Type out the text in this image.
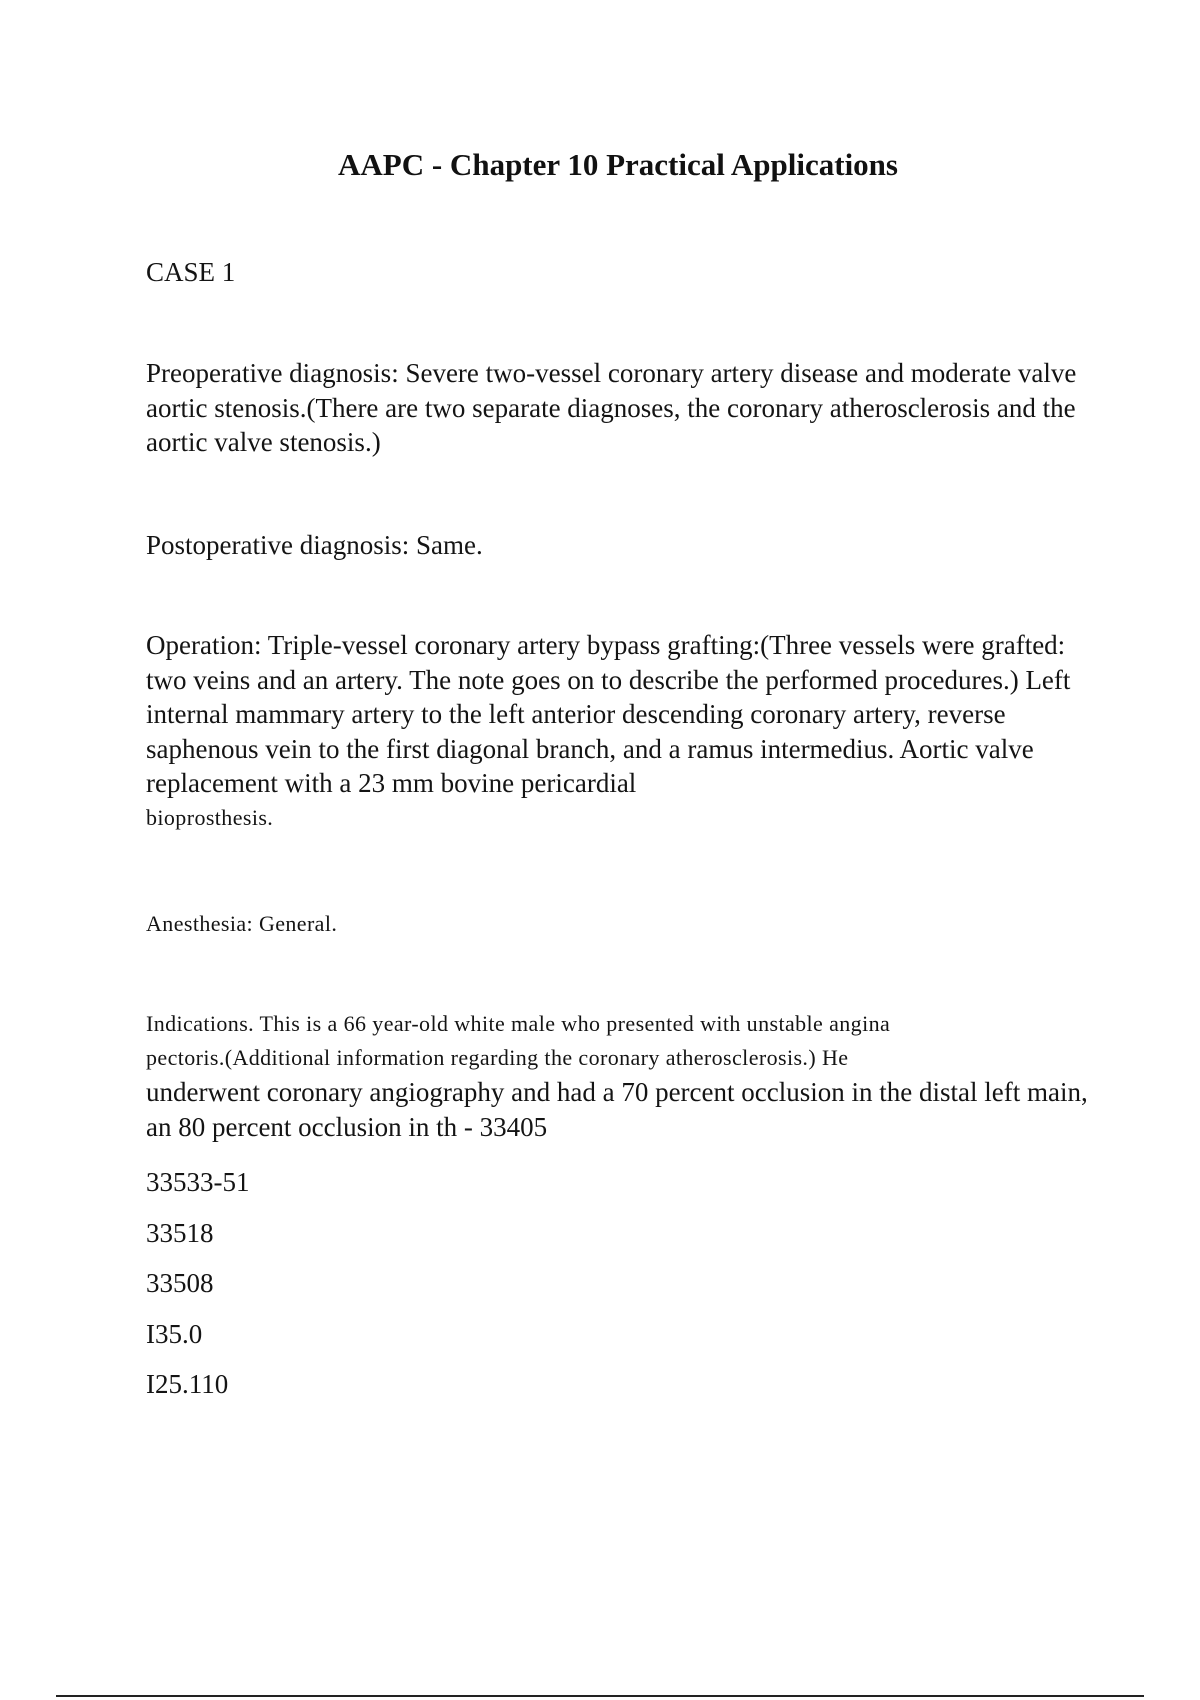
AAPC - Chapter 10 Practical Applications

CASE 1

Preoperative diagnosis: Severe two-vessel coronary artery disease and moderate valve aortic stenosis.(There are two separate diagnoses, the coronary atherosclerosis and the aortic valve stenosis.)

Postoperative diagnosis: Same.

Operation: Triple-vessel coronary artery bypass grafting:(Three vessels were grafted: two veins and an artery. The note goes on to describe the performed procedures.) Left internal mammary artery to the left anterior descending coronary artery, reverse saphenous vein to the first diagonal branch, and a ramus intermedius. Aortic valve replacement with a 23 mm bovine pericardial
bioprosthesis.

Anesthesia: General.

Indications. This is a 66 year-old white male who presented with unstable angina
pectoris.(Additional information regarding the coronary atherosclerosis.) He
underwent coronary angiography and had a 70 percent occlusion in the distal left main, an 80 percent occlusion in th - 33405
33533-51
33518
33508
I35.0
I25.110
